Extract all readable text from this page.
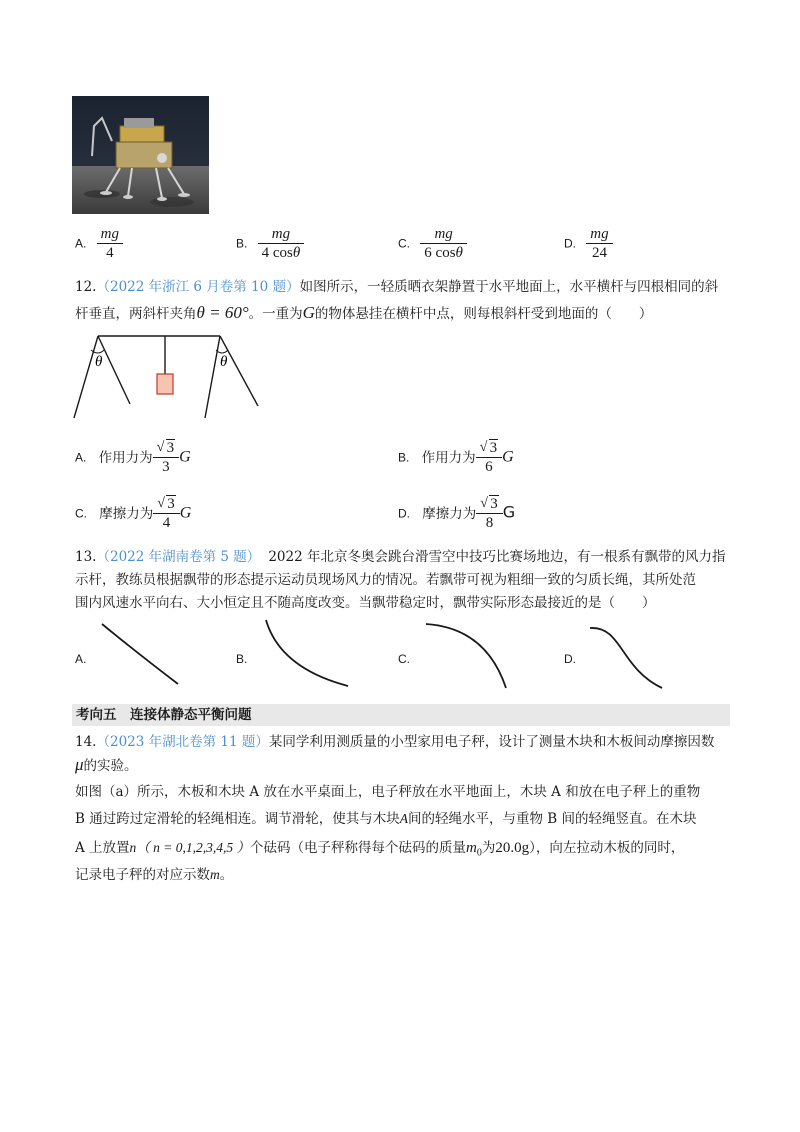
A. $\frac{mg}{4}$	B. $\frac{mg}{4 \cos\theta}$	C. $\frac{mg}{6 \cos\theta}$	D. $\frac{mg}{24}$
12.（2022 年浙江 6 月卷第 10 题）如图所示，一轻质晒衣架静置于水平地面上，水平横杆与四根相同的斜
杆垂直，两斜杆夹角θ = 60°。一重为G的物体悬挂在横杆中点，则每根斜杆受到地面的（　　）
θ	θ
A. 作用力为 $\frac{√ 3}{3}$ G	B. 作用力为 $\frac{√ 3}{6}$ G
C. 摩擦力为 $\frac{√ 3}{4}$ G	D. 摩擦力为 $\frac{√ 3}{8}$ G
13.（2022 年湖南卷第 5 题） 2022 年北京冬奥会跳台滑雪空中技巧比赛场地边，有一根系有飘带的风力指
示杆，教练员根据飘带的形态提示运动员现场风力的情况。若飘带可视为粗细一致的匀质长绳，其所处范
围内风速水平向右、大小恒定且不随高度改变。当飘带稳定时，飘带实际形态最接近的是（　　）
A.	B.	C.	D.
考向五　连接体静态平衡问题
14.（2023 年湖北卷第 11 题）某同学利用测质量的小型家用电子秤，设计了测量木块和木板间动摩擦因数
μ的实验。
如图（a）所示，木板和木块 A 放在水平桌面上，电子秤放在水平地面上，木块 A 和放在电子秤上的重物
B 通过跨过定滑轮的轻绳相连。调节滑轮，使其与木块A间的轻绳水平，与重物 B 间的轻绳竖直。在木块
A 上放置n（ n = 0,1,2,3,4,5 ）个砝码（电子秤称得每个砝码的质量$m_0$为20.0g），向左拉动木板的同时，
记录电子秤的对应示数m。
